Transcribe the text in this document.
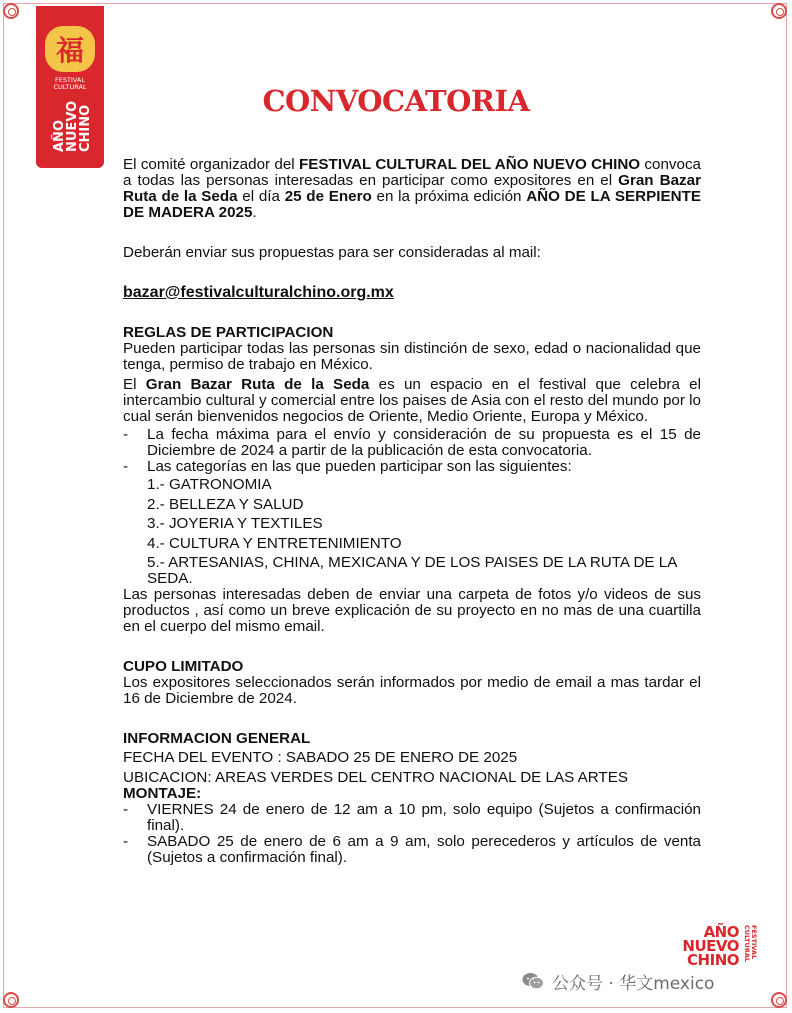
福
FESTIVAL
CULTURAL
AÑO
NUEVO
CHINO
CONVOCATORIA

El comité organizador del FESTIVAL CULTURAL DEL AÑO NUEVO CHINO convoca a todas las personas interesadas en participar como expositores en el Gran Bazar Ruta de la Seda el día 25 de Enero en la próxima edición AÑO DE LA SERPIENTE DE MADERA 2025.

Deberán enviar sus propuestas para ser consideradas al mail:

bazar@festivalculturalchino.org.mx

REGLAS DE PARTICIPACION

Pueden participar todas las personas sin distinción de sexo, edad o nacionalidad que tenga, permiso de trabajo en México.

El Gran Bazar Ruta de la Seda es un espacio en el festival que celebra el intercambio cultural y comercial entre los paises de Asia con el resto del mundo por lo cual serán bienvenidos negocios de Oriente, Medio Oriente, Europa y México.

- La fecha máxima para el envío y consideración de su propuesta es el 15 de Diciembre de 2024 a partir de la publicación de esta convocatoria.

- Las categorías en las que pueden participar son las siguientes:

1.- GATRONOMIA
2.- BELLEZA Y SALUD
3.- JOYERIA Y TEXTILES
4.- CULTURA Y ENTRETENIMIENTO
5.- ARTESANIAS, CHINA, MEXICANA Y DE LOS PAISES DE LA RUTA DE LA SEDA.

Las personas interesadas deben de enviar una carpeta de fotos y/o videos de sus productos , así como un breve explicación de su proyecto en no mas de una cuartilla en el cuerpo del mismo email.

CUPO LIMITADO

Los expositores seleccionados serán informados por medio de email a mas tardar el 16 de Diciembre de 2024.

INFORMACION GENERAL

FECHA DEL EVENTO : SABADO 25 DE ENERO DE 2025

UBICACION: AREAS VERDES DEL CENTRO NACIONAL DE LAS ARTES

MONTAJE:

- VIERNES 24 de enero de 12 am a 10 pm, solo equipo (Sujetos a confirmación final).

- SABADO 25 de enero de 6 am a 9 am, solo perecederos y artículos de venta (Sujetos a confirmación final).

AÑO
NUEVO
CHINO
FESTIVAL CULTURAL
公众号 · 华文mexico
